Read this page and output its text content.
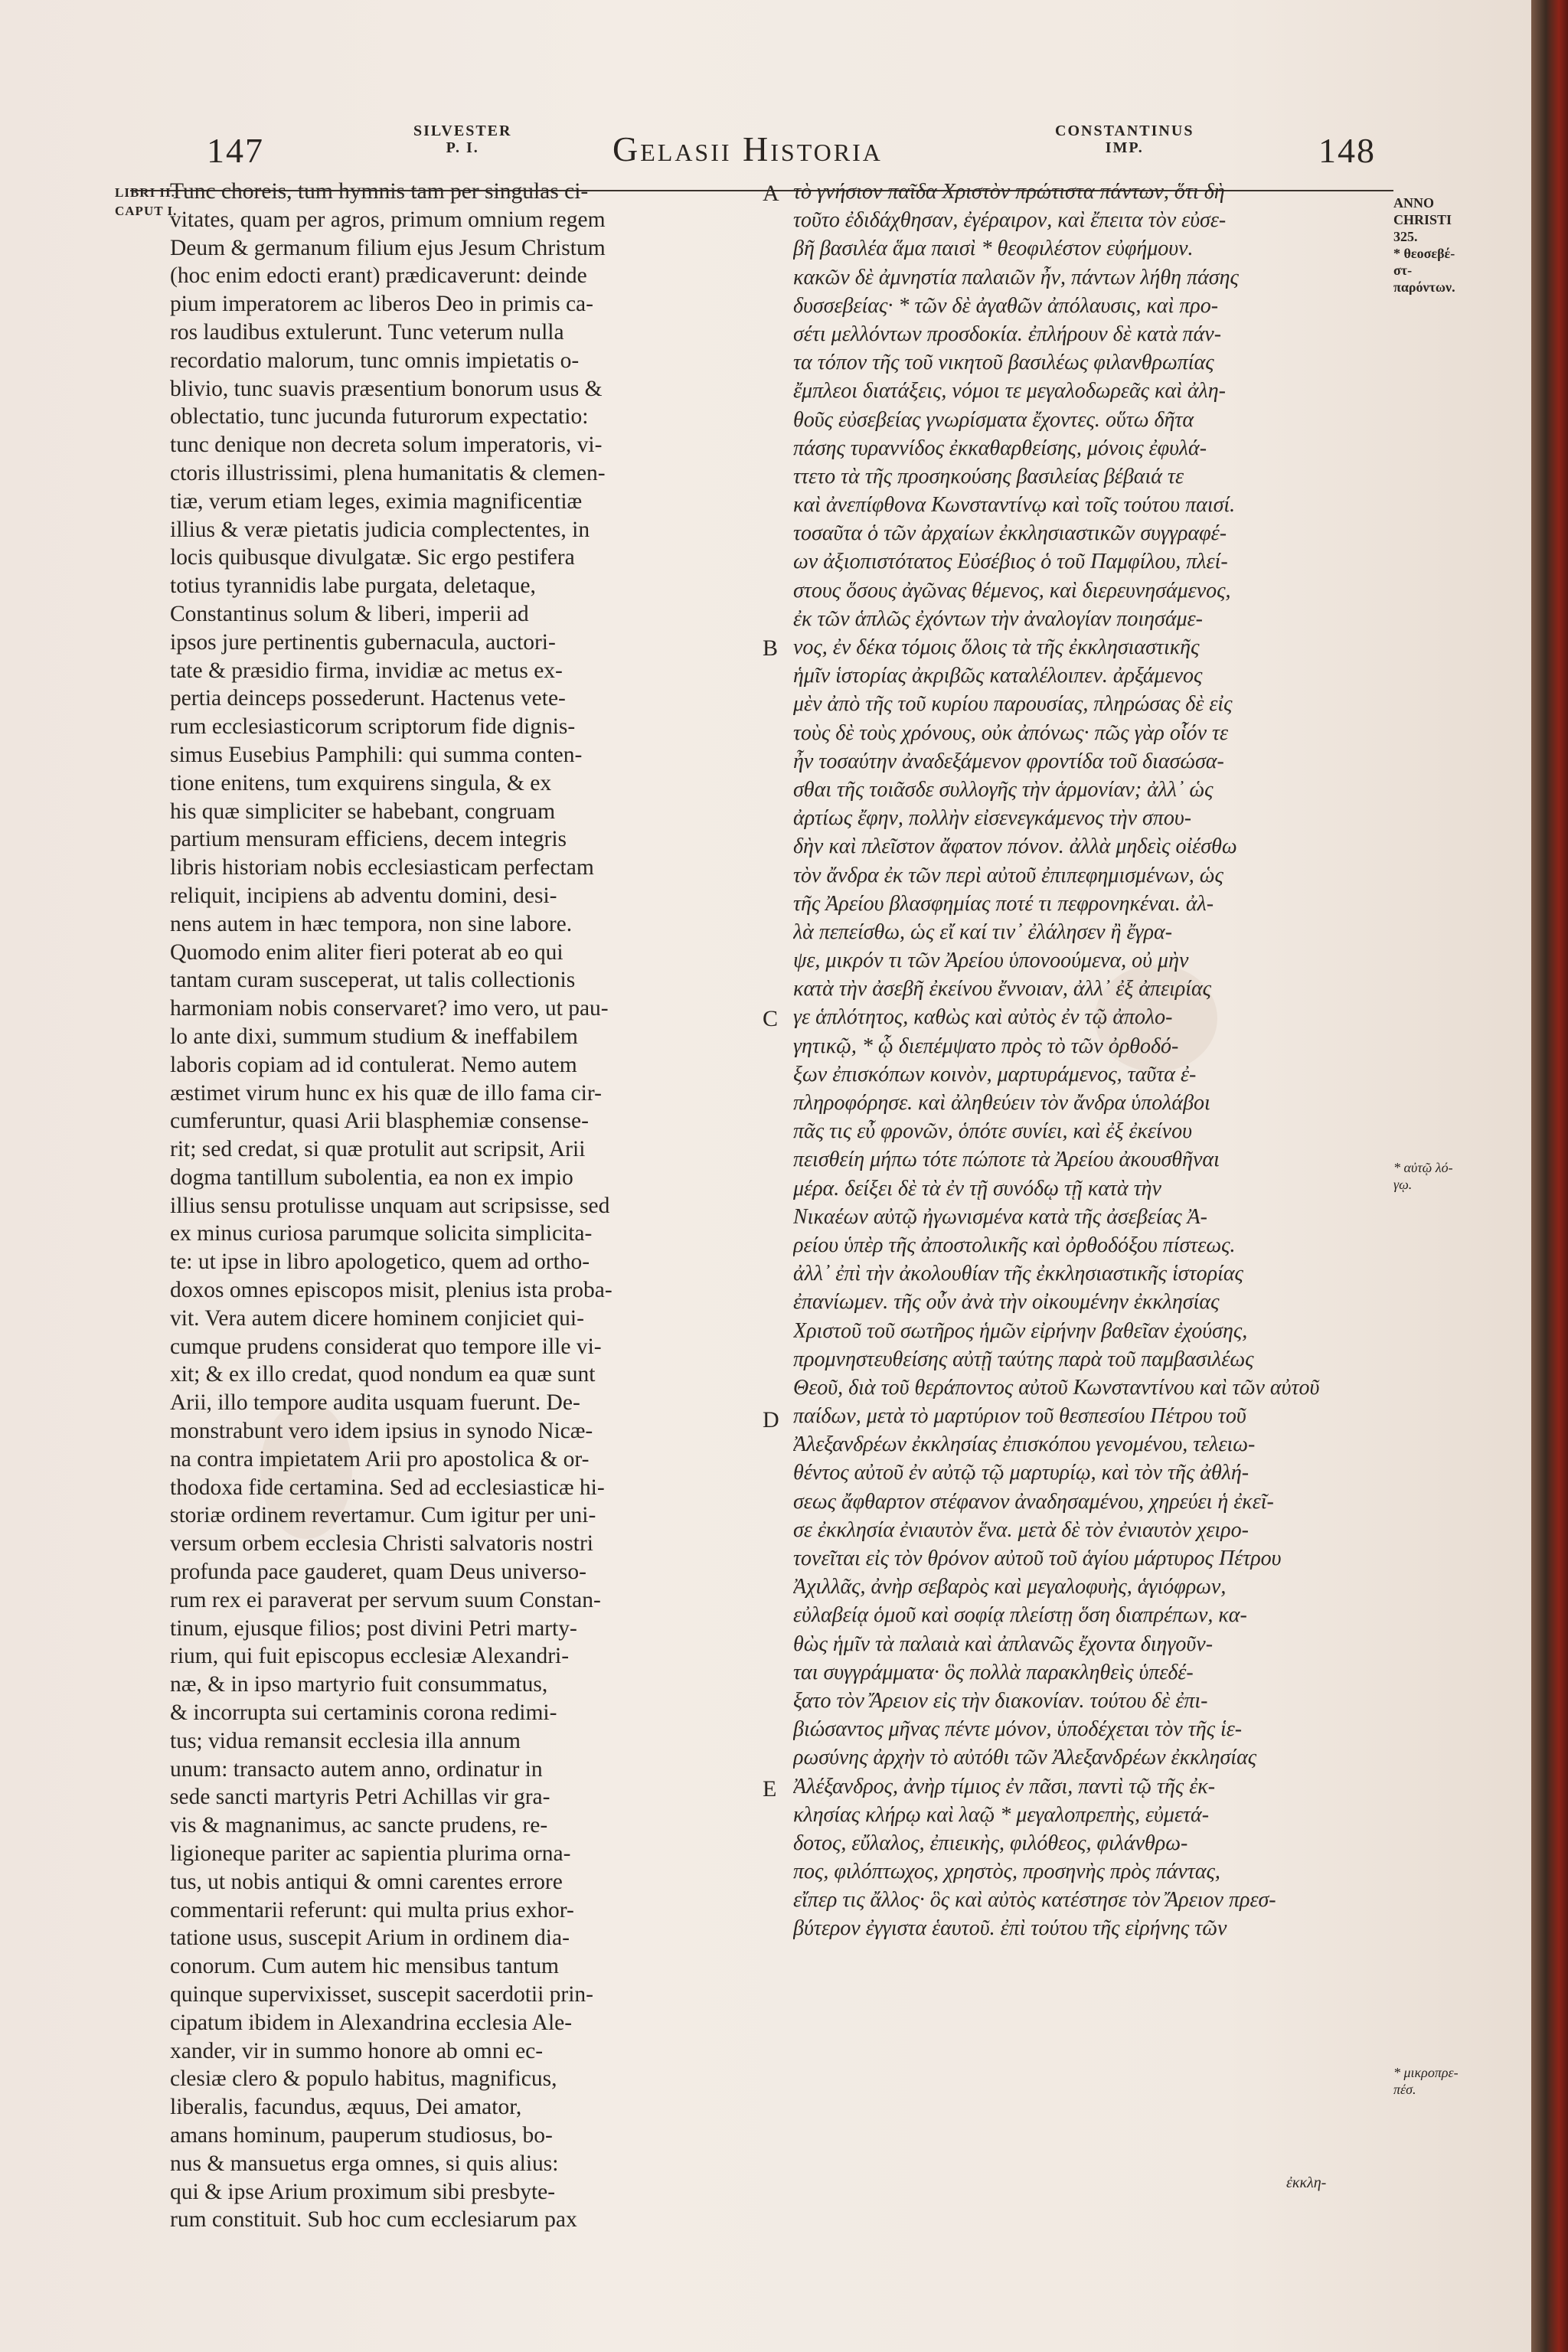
147	SILVESTER
P. I.	Gelasii Historia	CONSTANTINUS
IMP.	148
LIBRI II.
CAPUT I.
Tunc choreis, tum hymnis tam per singulas ci-
vitates, quam per agros, primum omnium regem
Deum & germanum filium ejus Jesum Christum
(hoc enim edocti erant) prædicaverunt: deinde
pium imperatorem ac liberos Deo in primis ca-
ros laudibus extulerunt. Tunc veterum nulla
recordatio malorum, tunc omnis impietatis o-
blivio, tunc suavis præsentium bonorum usus &
oblectatio, tunc jucunda futurorum expectatio:
tunc denique non decreta solum imperatoris, vi-
ctoris illustrissimi, plena humanitatis & clemen-
tiæ, verum etiam leges, eximia magnificentiæ
illius & veræ pietatis judicia complectentes, in
locis quibusque divulgatæ. Sic ergo pestifera
totius tyrannidis labe purgata, deletaque,
Constantinus solum & liberi, imperii ad
ipsos jure pertinentis gubernacula, auctori-
tate & præsidio firma, invidiæ ac metus ex-
pertia deinceps possederunt. Hactenus vete-
rum ecclesiasticorum scriptorum fide dignis-
simus Eusebius Pamphili: qui summa conten-
tione enitens, tum exquirens singula, & ex
his quæ simpliciter se habebant, congruam
partium mensuram efficiens, decem integris
libris historiam nobis ecclesiasticam perfectam
reliquit, incipiens ab adventu domini, desi-
nens autem in hæc tempora, non sine labore.
Quomodo enim aliter fieri poterat ab eo qui
tantam curam susceperat, ut talis collectionis
harmoniam nobis conservaret? imo vero, ut pau-
lo ante dixi, summum studium & ineffabilem
laboris copiam ad id contulerat. Nemo autem
æstimet virum hunc ex his quæ de illo fama cir-
cumferuntur, quasi Arii blasphemiæ consense-
rit; sed credat, si quæ protulit aut scripsit, Arii
dogma tantillum subolentia, ea non ex impio
illius sensu protulisse unquam aut scripsisse, sed
ex minus curiosa parumque solicita simplicita-
te: ut ipse in libro apologetico, quem ad ortho-
doxos omnes episcopos misit, plenius ista proba-
vit. Vera autem dicere hominem conjiciet qui-
cumque prudens considerat quo tempore ille vi-
xit; & ex illo credat, quod nondum ea quæ sunt
Arii, illo tempore audita usquam fuerunt. De-
monstrabunt vero idem ipsius in synodo Nicæ-
na contra impietatem Arii pro apostolica & or-
thodoxa fide certamina. Sed ad ecclesiasticæ hi-
storiæ ordinem revertamur. Cum igitur per uni-
versum orbem ecclesia Christi salvatoris nostri
profunda pace gauderet, quam Deus universo-
rum rex ei paraverat per servum suum Constan-
tinum, ejusque filios; post divini Petri marty-
rium, qui fuit episcopus ecclesiæ Alexandri-
næ, & in ipso martyrio fuit consummatus,
& incorrupta sui certaminis corona redimi-
tus; vidua remansit ecclesia illa annum
unum: transacto autem anno, ordinatur in
sede sancti martyris Petri Achillas vir gra-
vis & magnanimus, ac sancte prudens, re-
ligioneque pariter ac sapientia plurima orna-
tus, ut nobis antiqui & omni carentes errore
commentarii referunt: qui multa prius exhor-
tatione usus, suscepit Arium in ordinem dia-
conorum. Cum autem hic mensibus tantum
quinque supervixisset, suscepit sacerdotii prin-
cipatum ibidem in Alexandrina ecclesia Ale-
xander, vir in summo honore ab omni ec-
clesiæ clero & populo habitus, magnificus,
liberalis, facundus, æquus, Dei amator,
amans hominum, pauperum studiosus, bo-
nus & mansuetus erga omnes, si quis alius:
qui & ipse Arium proximum sibi presbyte-
rum constituit. Sub hoc cum ecclesiarum pax
A
B
C
D
E
τὸ γνήσιον παῖδα Χριστὸν πρώτιστα πάντων, ὅτι δὴ
τοῦτο ἐδιδάχθησαν, ἐγέραιρον, καὶ ἔπειτα τὸν εὐσε-
βῆ βασιλέα ἅμα παισὶ * θεοφιλέστον εὐφήμουν.
κακῶν δὲ ἀμνηστία παλαιῶν ἦν, πάντων λήθη πάσης
δυσσεβείας· * τῶν δὲ ἀγαθῶν ἀπόλαυσις, καὶ προ-
σέτι μελλόντων προσδοκία. ἐπλήρουν δὲ κατὰ πάν-
τα τόπον τῆς τοῦ νικητοῦ βασιλέως φιλανθρωπίας
ἔμπλεοι διατάξεις, νόμοι τε μεγαλοδωρεᾶς καὶ ἀλη-
θοῦς εὐσεβείας γνωρίσματα ἔχοντες. οὕτω δῆτα
πάσης τυραννίδος ἐκκαθαρθείσης, μόνοις ἐφυλά-
ττετο τὰ τῆς προσηκούσης βασιλείας βέβαιά τε
καὶ ἀνεπίφθονα Κωνσταντίνῳ καὶ τοῖς τούτου παισί.
τοσαῦτα ὁ τῶν ἀρχαίων ἐκκλησιαστικῶν συγγραφέ-
ων ἀξιοπιστότατος Εὐσέβιος ὁ τοῦ Παμφίλου, πλεί-
στους ὅσους ἀγῶνας θέμενος, καὶ διερευνησάμενος,
ἐκ τῶν ἁπλῶς ἐχόντων τὴν ἀναλογίαν ποιησάμε-
νος, ἐν δέκα τόμοις ὅλοις τὰ τῆς ἐκκλησιαστικῆς
ἡμῖν ἱστορίας ἀκριβῶς καταλέλοιπεν. ἀρξάμενος
μὲν ἀπὸ τῆς τοῦ κυρίου παρουσίας, πληρώσας δὲ εἰς
τοὺς δὲ τοὺς χρόνους, οὐκ ἀπόνως· πῶς γὰρ οἷόν τε
ἦν τοσαύτην ἀναδεξάμενον φροντίδα τοῦ διασώσα-
σθαι τῆς τοιᾶσδε συλλογῆς τὴν ἁρμονίαν; ἀλλ᾽ ὡς
ἀρτίως ἔφην, πολλὴν εἰσενεγκάμενος τὴν σπου-
δὴν καὶ πλεῖστον ἄφατον πόνον. ἀλλὰ μηδεὶς οἰέσθω
τὸν ἄνδρα ἐκ τῶν περὶ αὐτοῦ ἐπιπεφημισμένων, ὡς
τῆς Ἀρείου βλασφημίας ποτέ τι πεφρονηκέναι. ἀλ-
λὰ πεπείσθω, ὡς εἴ καί τιν᾽ ἐλάλησεν ἢ ἔγρα-
ψε, μικρόν τι τῶν Ἀρείου ὑπονοούμενα, οὐ μὴν
κατὰ τὴν ἀσεβῆ ἐκείνου ἔννοιαν, ἀλλ᾽ ἐξ ἀπειρίας
γε ἁπλότητος, καθὼς καὶ αὐτὸς ἐν τῷ ἀπολο-
γητικῷ, * ᾧ διεπέμψατο πρὸς τὸ τῶν ὀρθοδό-
ξων ἐπισκόπων κοινὸν, μαρτυράμενος, ταῦτα ἐ-
πληροφόρησε. καὶ ἀληθεύειν τὸν ἄνδρα ὑπολάβοι
πᾶς τις εὖ φρονῶν, ὁπότε συνίει, καὶ ἐξ ἐκείνου
πεισθείη μήπω τότε πώποτε τὰ Ἀρείου ἀκουσθῆναι
μέρα. δείξει δὲ τὰ ἐν τῇ συνόδῳ τῇ κατὰ τὴν
Νικαέων αὐτῷ ἠγωνισμένα κατὰ τῆς ἀσεβείας Ἀ-
ρείου ὑπὲρ τῆς ἀποστολικῆς καὶ ὀρθοδόξου πίστεως.
ἀλλ᾽ ἐπὶ τὴν ἀκολουθίαν τῆς ἐκκλησιαστικῆς ἱστορίας
ἐπανίωμεν. τῆς οὖν ἀνὰ τὴν οἰκουμένην ἐκκλησίας
Χριστοῦ τοῦ σωτῆρος ἡμῶν εἰρήνην βαθεῖαν ἐχούσης,
προμνηστευθείσης αὐτῇ ταύτης παρὰ τοῦ παμβασιλέως
Θεοῦ, διὰ τοῦ θεράποντος αὐτοῦ Κωνσταντίνου καὶ τῶν αὐτοῦ
παίδων, μετὰ τὸ μαρτύριον τοῦ θεσπεσίου Πέτρου τοῦ
Ἀλεξανδρέων ἐκκλησίας ἐπισκόπου γενομένου, τελειω-
θέντος αὐτοῦ ἐν αὐτῷ τῷ μαρτυρίῳ, καὶ τὸν τῆς ἀθλή-
σεως ἄφθαρτον στέφανον ἀναδησαμένου, χηρεύει ἡ ἐκεῖ-
σε ἐκκλησία ἐνιαυτὸν ἕνα. μετὰ δὲ τὸν ἐνιαυτὸν χειρο-
τονεῖται εἰς τὸν θρόνον αὐτοῦ τοῦ ἁγίου μάρτυρος Πέτρου
Ἀχιλλᾶς, ἀνὴρ σεβαρὸς καὶ μεγαλοφυὴς, ἁγιόφρων,
εὐλαβείᾳ ὁμοῦ καὶ σοφίᾳ πλείστῃ ὅση διαπρέπων, κα-
θὼς ἡμῖν τὰ παλαιὰ καὶ ἀπλανῶς ἔχοντα διηγοῦν-
ται συγγράμματα· ὃς πολλὰ παρακληθεὶς ὑπεδέ-
ξατο τὸν Ἄρειον εἰς τὴν διακονίαν. τούτου δὲ ἐπι-
βιώσαντος μῆνας πέντε μόνον, ὑποδέχεται τὸν τῆς ἱε-
ρωσύνης ἀρχὴν τὸ αὐτόθι τῶν Ἀλεξανδρέων ἐκκλησίας
Ἀλέξανδρος, ἀνὴρ τίμιος ἐν πᾶσι, παντὶ τῷ τῆς ἐκ-
κλησίας κλήρῳ καὶ λαῷ * μεγαλοπρεπὴς, εὐμετά-
δοτος, εὔλαλος, ἐπιεικὴς, φιλόθεος, φιλάνθρω-
πος, φιλόπτωχος, χρηστὸς, προσηνὴς πρὸς πάντας,
εἴπερ τις ἄλλος· ὃς καὶ αὐτὸς κατέστησε τὸν Ἄρειον πρεσ-
βύτερον ἐγγιστα ἑαυτοῦ. ἐπὶ τούτου τῆς εἰρήνης τῶν
ANNO
CHRISTI
325.
* θεοσεβέ-
στ-
παρόντων.
* αὐτῷ λό-
γῳ.
* μικροπρε-
πέσ.
ἐκκλη-
